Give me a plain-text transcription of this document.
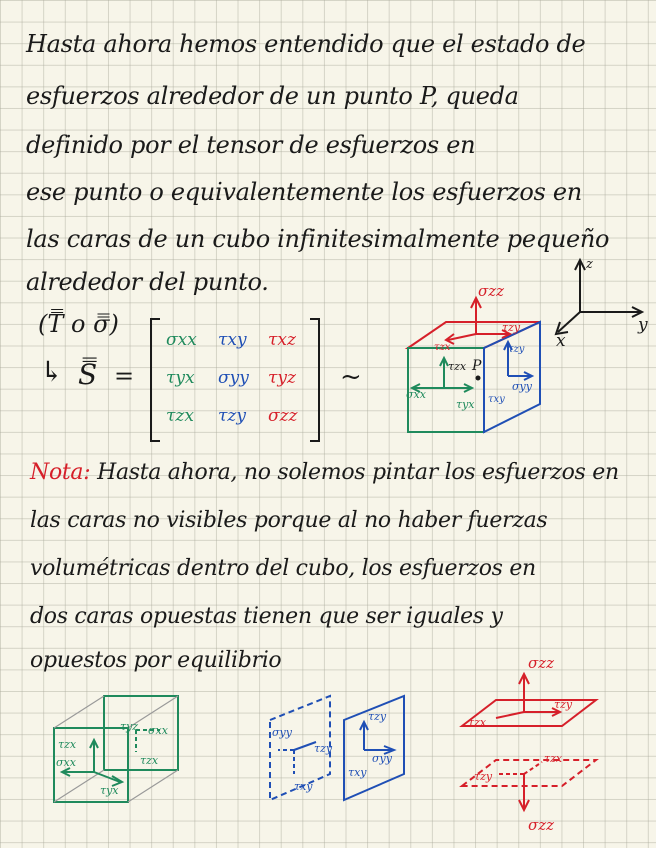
Hasta ahora hemos entendido que el estado de
esfuerzos alrededor de un punto P, queda
definido por el tensor de esfuerzos en
ese punto o equivalentemente los esfuerzos en
las caras de un cubo infinitesimalmente pequeño
alrededor del punto.
(T̿ o σ̿)
↳ S̿ =
σxx τxy τxz
τyx σyy τyz
τzx τzy σzz
~
z
y
x
σzz
τzy
τzx	τzy
σyy
τxy
τzx P
σxx
τyx
Nota: Hasta ahora, no solemos pintar los esfuerzos en
las caras no visibles porque al no haber fuerzas
volumétricas dentro del cubo, los esfuerzos en
dos caras opuestas tienen que ser iguales y
opuestos por equilibrio
τyz σxx
τzx
σxx	τzx
τyx
σyy
τzy
τxy
τzy
σyy
τxy
σzz
τzx
τzy
τzx
τzy
σzz
